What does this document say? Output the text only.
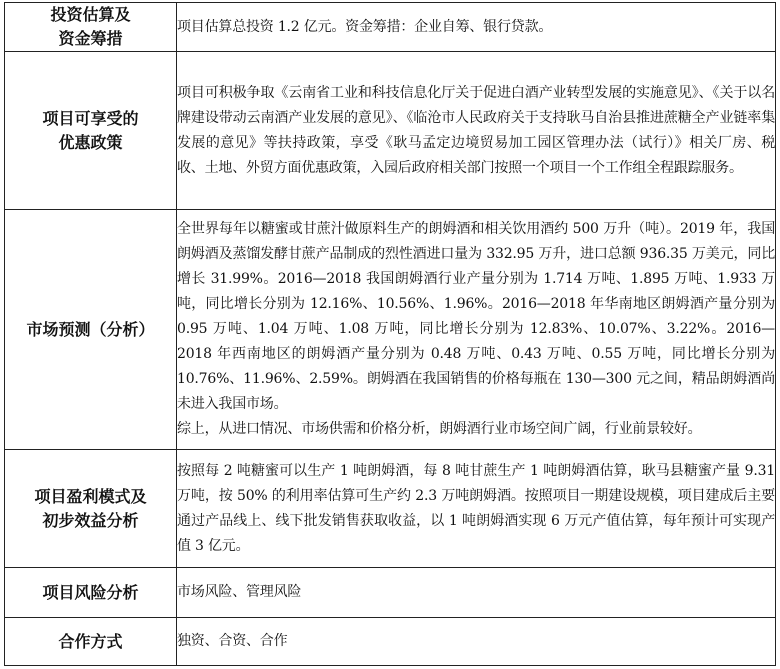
投资估算及
资金筹措	项目估算总投资 1.2 亿元。资金筹措：企业自筹、银行贷款。

项目可享受的
优惠政策	项目可积极争取《云南省工业和科技信息化厅关于促进白酒产业转型发展的实施意见》、《关于以名牌建设带动云南酒产业发展的意见》、《临沧市人民政府关于支持耿马自治县推进蔗糖全产业链率集发展的意见》等扶持政策，享受《耿马孟定边境贸易加工园区管理办法（试行）》相关厂房、税收、土地、外贸方面优惠政策，入园后政府相关部门按照一个项目一个工作组全程跟踪服务。

市场预测（分析）	全世界每年以糖蜜或甘蔗汁做原料生产的朗姆酒和相关饮用酒约 500 万升（吨）。2019 年，我国朗姆酒及蒸馏发酵甘蔗产品制成的烈性酒进口量为 332.95 万升，进口总额 936.35 万美元，同比增长 31.99%。2016—2018 我国朗姆酒行业产量分别为 1.714 万吨、1.895 万吨、1.933 万吨，同比增长分别为 12.16%、10.56%、1.96%。2016—2018 年华南地区朗姆酒产量分别为 0.95 万吨、1.04 万吨、1.08 万吨，同比增长分别为 12.83%、10.07%、3.22%。2016—2018 年西南地区的朗姆酒产量分别为 0.48 万吨、0.43 万吨、0.55 万吨，同比增长分别为 10.76%、11.96%、2.59%。朗姆酒在我国销售的价格每瓶在 130—300 元之间，精品朗姆酒尚未进入我国市场。

综上，从进口情况、市场供需和价格分析，朗姆酒行业市场空间广阔，行业前景较好。

项目盈利模式及
初步效益分析	按照每 2 吨糖蜜可以生产 1 吨朗姆酒，每 8 吨甘蔗生产 1 吨朗姆酒估算，耿马县糖蜜产量 9.31 万吨，按 50% 的利用率估算可生产约 2.3 万吨朗姆酒。按照项目一期建设规模，项目建成后主要通过产品线上、线下批发销售获取收益，以 1 吨朗姆酒实现 6 万元产值估算，每年预计可实现产值 3 亿元。

项目风险分析	市场风险、管理风险

合作方式	独资、合资、合作
